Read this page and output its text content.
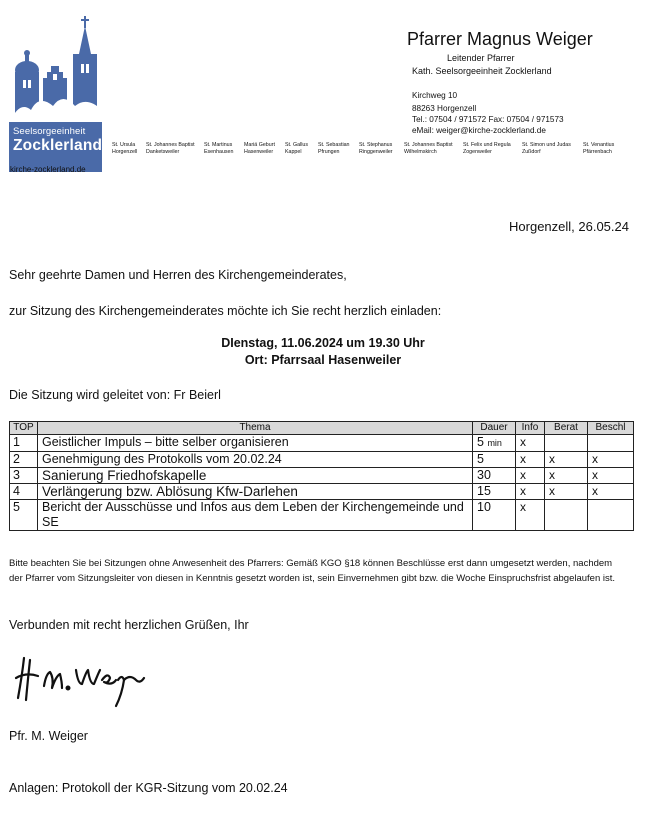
Seelsorgeeinheit
Zocklerland
kirche-zocklerland.de
St. Ursula
Horgenzell
St. Johannes Baptist
Danketsweiler
St. Martinus
Esenhausen
Mariä Geburt
Hasenweiler
St. Gallus
Kappel
St. Sebastian
Pfrungen
St. Stephanus
Ringgenweiler
St. Johannes Baptist
Wilhelmskirch
St. Felix und Regula
Zogenweiler
St. Simon und Judas
Zußdorf
St. Venantius
Pfärrenbach
Pfarrer Magnus Weiger
Leitender Pfarrer
Kath. Seelsorgeeinheit Zocklerland
Kirchweg 10
88263 Horgenzell
Tel.: 07504 / 971572 Fax: 07504 / 971573
eMail: weiger@kirche-zocklerland.de
Horgenzell, 26.05.24
Sehr geehrte Damen und Herren des Kirchengemeinderates,
zur Sitzung des Kirchengemeinderates möchte ich Sie recht herzlich einladen:
DIenstag, 11.06.2024 um 19.30 Uhr
Ort: Pfarrsaal Hasenweiler
Die Sitzung wird geleitet von: Fr Beierl
TOP	Thema	Dauer	Info	Berat	Beschl
1	Geistlicher Impuls – bitte selber organisieren	5 min	x		
2	Genehmigung des Protokolls vom 20.02.24	5	x	x	x
3	Sanierung Friedhofskapelle	30	x	x	x
4	Verlängerung bzw. Ablösung Kfw-Darlehen	15	x	x	x
5	Bericht der Ausschüsse und Infos aus dem Leben der Kirchengemeinde und SE	10	x		
Bitte beachten Sie bei Sitzungen ohne Anwesenheit des Pfarrers: Gemäß KGO §18 können Beschlüsse erst dann umgesetzt werden, nachdem der Pfarrer vom Sitzungsleiter von diesen in Kenntnis gesetzt worden ist, sein Einvernehmen gibt bzw. die Woche Einspruchsfrist abgelaufen ist.
Verbunden mit recht herzlichen Grüßen, Ihr
Pfr. M. Weiger
Anlagen: Protokoll der KGR-Sitzung vom 20.02.24
